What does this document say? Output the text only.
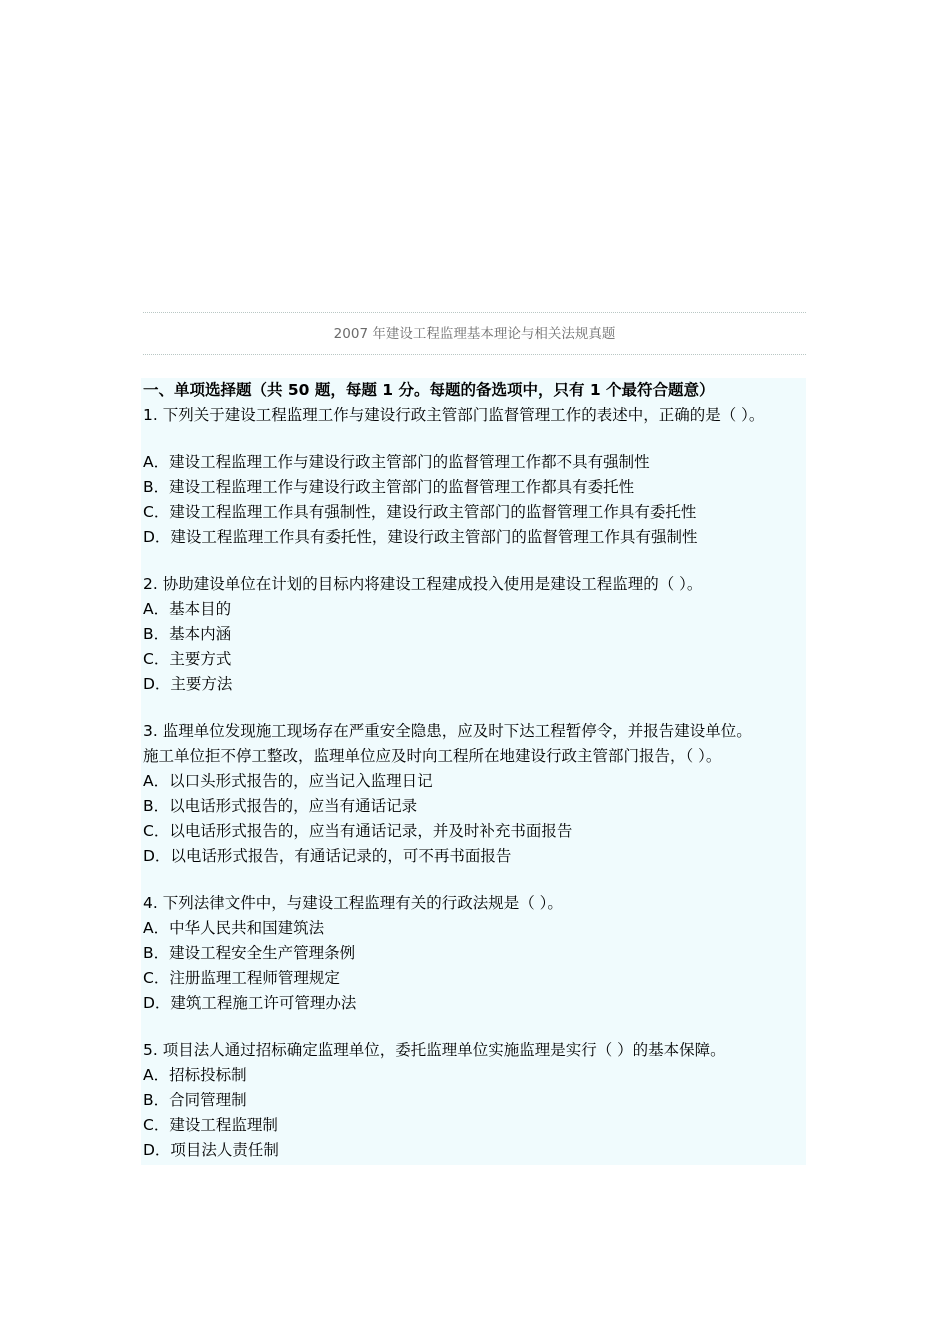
2007 年建设工程监理基本理论与相关法规真题
一、单项选择题（共 50 题，每题 1 分。每题的备选项中，只有 1 个最符合题意）
1. 下列关于建设工程监理工作与建设行政主管部门监督管理工作的表述中，正确的是（ ）。
A．建设工程监理工作与建设行政主管部门的监督管理工作都不具有强制性
B．建设工程监理工作与建设行政主管部门的监督管理工作都具有委托性
C．建设工程监理工作具有强制性，建设行政主管部门的监督管理工作具有委托性
D．建设工程监理工作具有委托性，建设行政主管部门的监督管理工作具有强制性
2. 协助建设单位在计划的目标内将建设工程建成投入使用是建设工程监理的（ ）。
A．基本目的
B．基本内涵
C．主要方式
D．主要方法
3. 监理单位发现施工现场存在严重安全隐患，应及时下达工程暂停令，并报告建设单位。
施工单位拒不停工整改，监理单位应及时向工程所在地建设行政主管部门报告，（ ）。
A．以口头形式报告的，应当记入监理日记
B．以电话形式报告的，应当有通话记录
C．以电话形式报告的，应当有通话记录，并及时补充书面报告
D．以电话形式报告，有通话记录的，可不再书面报告
4. 下列法律文件中，与建设工程监理有关的行政法规是（ ）。
A．中华人民共和国建筑法
B．建设工程安全生产管理条例
C．注册监理工程师管理规定
D．建筑工程施工许可管理办法
5. 项目法人通过招标确定监理单位，委托监理单位实施监理是实行（ ）的基本保障。
A．招标投标制
B．合同管理制
C．建设工程监理制
D．项目法人责任制
